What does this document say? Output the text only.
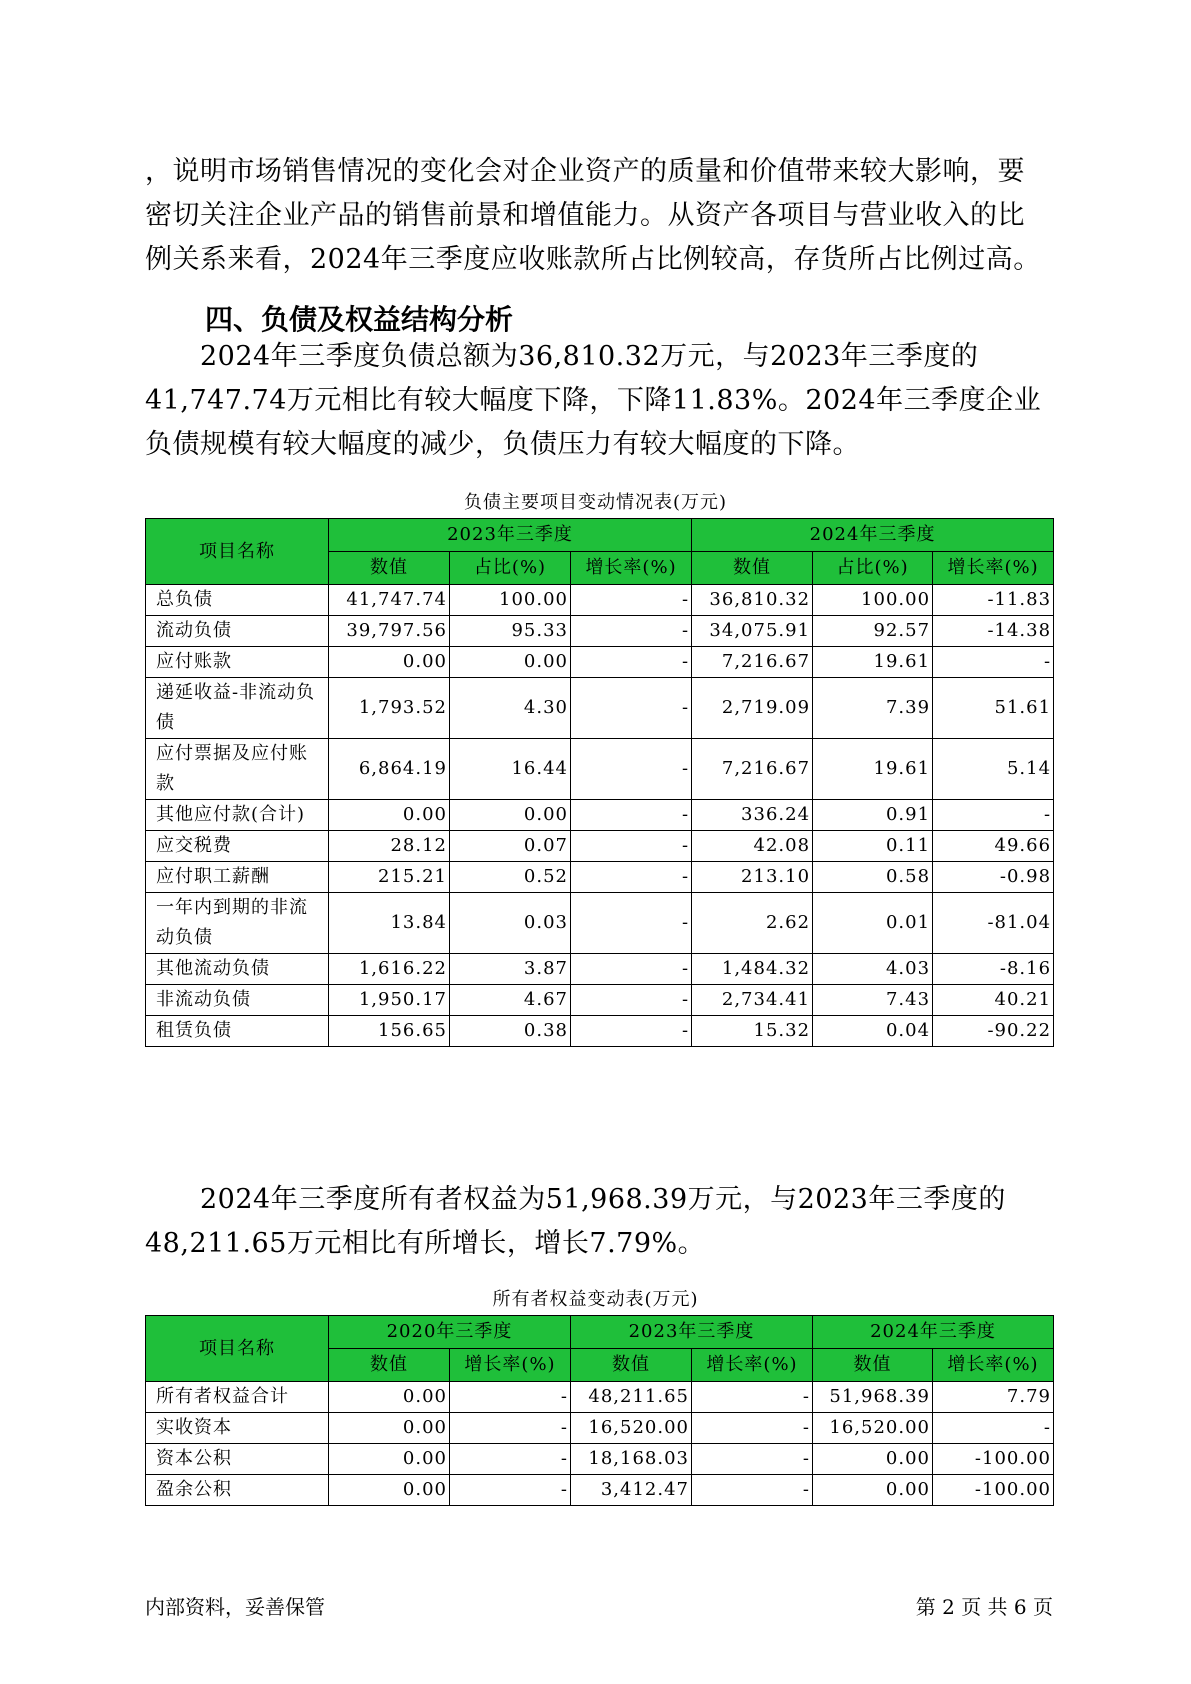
，说明市场销售情况的变化会对企业资产的质量和价值带来较大影响，要密切关注企业产品的销售前景和增值能力。从资产各项目与营业收入的比例关系来看，2024年三季度应收账款所占比例较高，存货所占比例过高。
四、负债及权益结构分析
2024年三季度负债总额为36,810.32万元，与2023年三季度的41,747.74万元相比有较大幅度下降，下降11.83%。2024年三季度企业负债规模有较大幅度的减少，负债压力有较大幅度的下降。
负债主要项目变动情况表(万元)
项目名称	2023年三季度			2024年三季度		
	数值	占比(%)	增长率(%)	数值	占比(%)	增长率(%)
总负债	41,747.74	100.00	-	36,810.32	100.00	-11.83
流动负债	39,797.56	95.33	-	34,075.91	92.57	-14.38
应付账款	0.00	0.00	-	7,216.67	19.61	-
递延收益-非流动负债	1,793.52	4.30	-	2,719.09	7.39	51.61
应付票据及应付账款	6,864.19	16.44	-	7,216.67	19.61	5.14
其他应付款(合计)	0.00	0.00	-	336.24	0.91	-
应交税费	28.12	0.07	-	42.08	0.11	49.66
应付职工薪酬	215.21	0.52	-	213.10	0.58	-0.98
一年内到期的非流动负债	13.84	0.03	-	2.62	0.01	-81.04
其他流动负债	1,616.22	3.87	-	1,484.32	4.03	-8.16
非流动负债	1,950.17	4.67	-	2,734.41	7.43	40.21
租赁负债	156.65	0.38	-	15.32	0.04	-90.22
2024年三季度所有者权益为51,968.39万元，与2023年三季度的48,211.65万元相比有所增长，增长7.79%。
所有者权益变动表(万元)
项目名称	2020年三季度		2023年三季度		2024年三季度	
	数值	增长率(%)	数值	增长率(%)	数值	增长率(%)
所有者权益合计	0.00	-	48,211.65	-	51,968.39	7.79
实收资本	0.00	-	16,520.00	-	16,520.00	-
资本公积	0.00	-	18,168.03	-	0.00	-100.00
盈余公积	0.00	-	3,412.47	-	0.00	-100.00
内部资料，妥善保管	第 2 页 共 6 页
